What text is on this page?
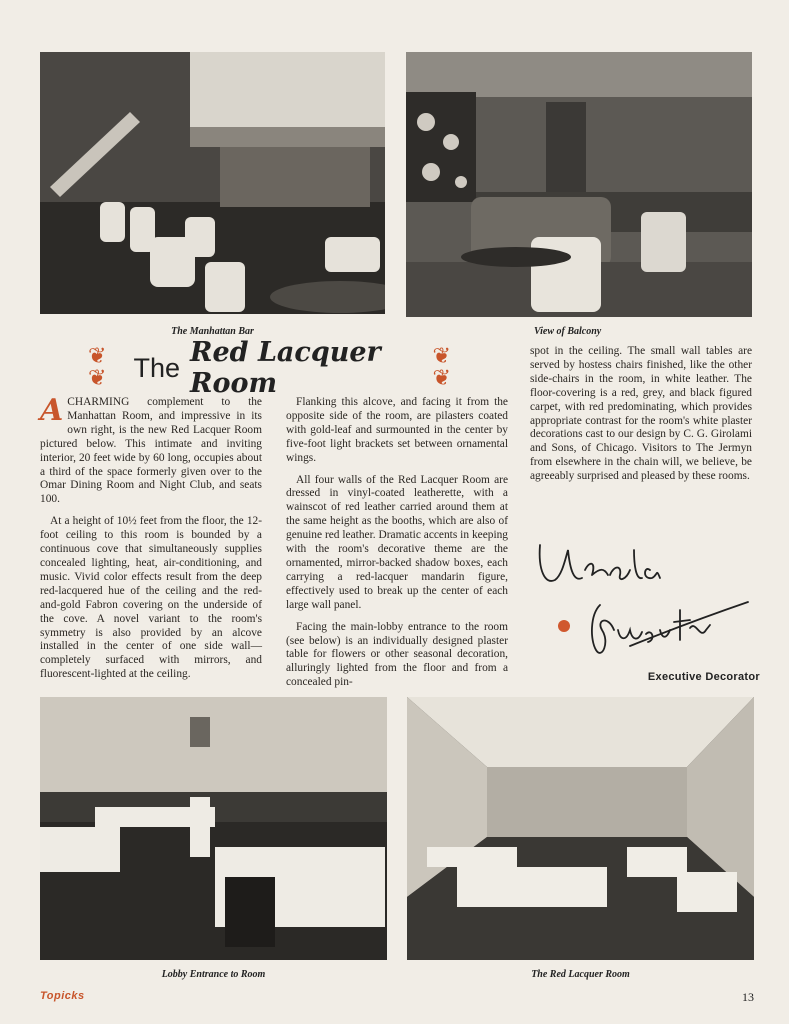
The Manhattan Bar	View of Balcony
❦ ❦	The Red Lacquer Room
❦ ❦

A CHARMING complement to the Manhattan Room, and impressive in its own right, is the new Red Lacquer Room pictured below. This intimate and inviting interior, 20 feet wide by 60 long, occupies about a third of the space formerly given over to the Omar Dining Room and Night Club, and seats 100.

At a height of 10½ feet from the floor, the 12-foot ceiling to this room is bounded by a continuous cove that simultaneously supplies concealed lighting, heat, air-conditioning, and music. Vivid color effects result from the deep red-lacquered hue of the ceiling and the red-and-gold Fabron covering on the underside of the cove. A novel variant to the room's symmetry is also provided by an alcove installed in the center of one side wall—completely surfaced with mirrors, and fluorescent-lighted at the ceiling.

Flanking this alcove, and facing it from the opposite side of the room, are pilasters coated with gold-leaf and surmounted in the center by five-foot light brackets set between ornamental wings.

All four walls of the Red Lacquer Room are dressed in vinyl-coated leatherette, with a wainscot of red leather carried around them at the same height as the booths, which are also of genuine red leather. Dramatic accents in keeping with the room's decorative theme are the ornamented, mirror-backed shadow boxes, each carrying a red-lacquer mandarin figure, effectively used to break up the center of each large wall panel.

Facing the main-lobby entrance to the room (see below) is an individually designed plaster table for flowers or other seasonal decoration, alluringly lighted from the floor and from a concealed pin-

spot in the ceiling. The small wall tables are served by hostess chairs finished, like the other side-chairs in the room, in white leather. The floor-covering is a red, grey, and black figured carpet, with red predominating, which provides appropriate contrast for the room's white plaster decorations cast to our design by C. G. Girolami and Sons, of Chicago. Visitors to The Jermyn from elsewhere in the chain will, we believe, be agreeably surprised and pleased by these rooms.

Executive Decorator
Lobby Entrance to Room	The Red Lacquer Room
Topicks	13
